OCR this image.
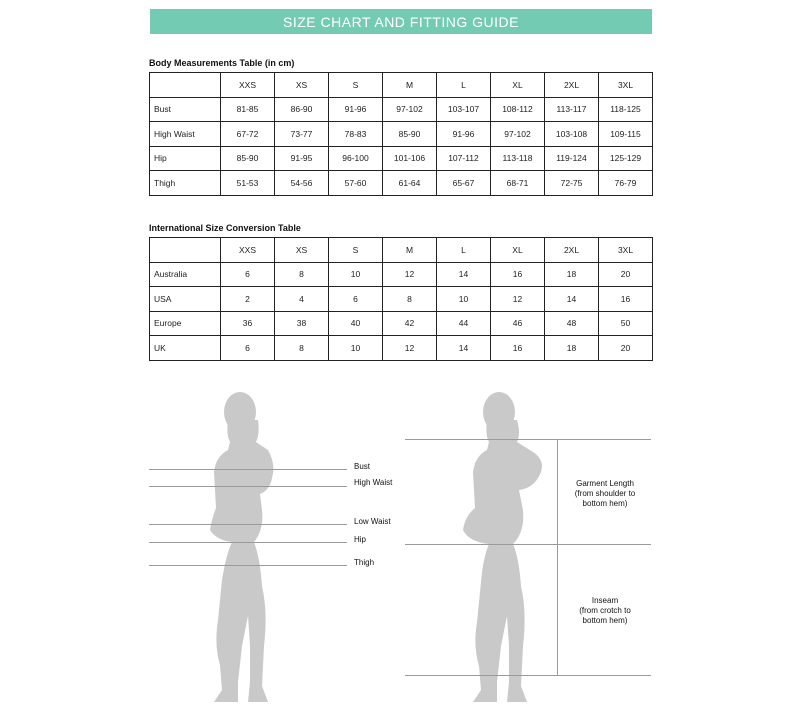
SIZE CHART AND FITTING GUIDE
Body Measurements Table (in cm)
	XXS	XS	S	M	L	XL	2XL	3XL
Bust	81-85	86-90	91-96	97-102	103-107	108-112	113-117	118-125
High Waist	67-72	73-77	78-83	85-90	91-96	97-102	103-108	109-115
Hip	85-90	91-95	96-100	101-106	107-112	113-118	119-124	125-129
Thigh	51-53	54-56	57-60	61-64	65-67	68-71	72-75	76-79
International Size Conversion Table
	XXS	XS	S	M	L	XL	2XL	3XL
Australia	6	8	10	12	14	16	18	20
USA	2	4	6	8	10	12	14	16
Europe	36	38	40	42	44	46	48	50
UK	6	8	10	12	14	16	18	20
Bust
High Waist
Low Waist
Hip
Thigh
Garment Length
(from shoulder to
bottom hem)
Inseam
(from crotch to
bottom hem)
